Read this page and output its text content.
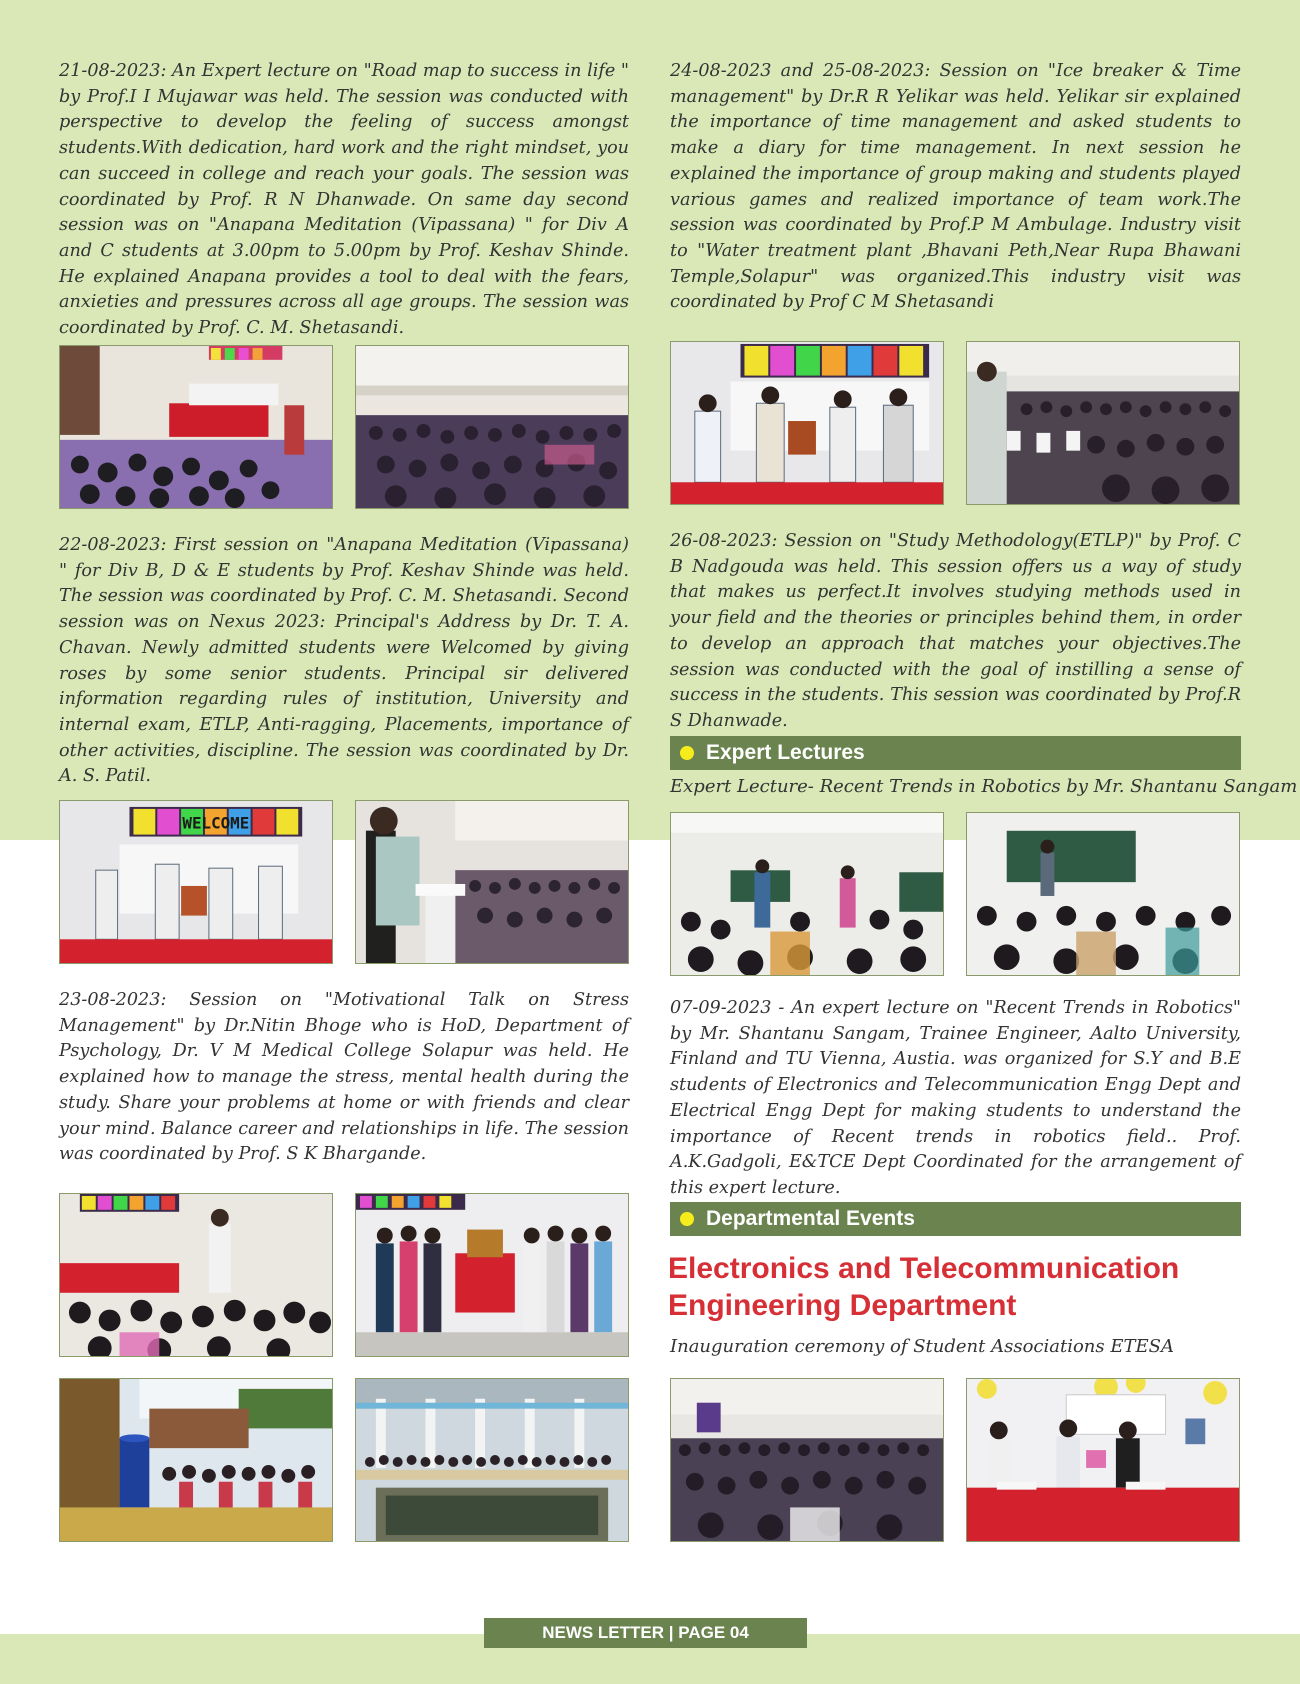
21-08-2023: An Expert lecture on "Road map to success in life " by Prof.I I Mujawar was held. The session was conducted with perspective to develop the feeling of success amongst students.With dedication, hard work and the right mindset, you can succeed in college and reach your goals. The session was coordinated by Prof. R N Dhanwade. On same day second session was on "Anapana Meditation (Vipassana) " for Div A and C students at 3.00pm to 5.00pm by Prof. Keshav Shinde. He explained Anapana provides a tool to deal with the fears, anxieties and pressures across all age groups. The session was coordinated by Prof. C. M. Shetasandi.

22-08-2023: First session on "Anapana Meditation (Vipassana) " for Div B, D & E students by Prof. Keshav Shinde was held. The session was coordinated by Prof. C. M. Shetasandi. Second session was on Nexus 2023: Principal's Address by Dr. T. A. Chavan. Newly admitted students were Welcomed by giving roses by some senior students. Principal sir delivered information regarding rules of institution, University and internal exam, ETLP, Anti-ragging, Placements, importance of other activities, discipline. The session was coordinated by Dr. A. S. Patil.

WELCOME

23-08-2023: Session on "Motivational Talk on Stress Management" by Dr.Nitin Bhoge who is HoD, Department of Psychology, Dr. V M Medical College Solapur was held. He explained how to manage the stress, mental health during the study. Share your problems at home or with friends and clear your mind. Balance career and relationships in life. The session was coordinated by Prof. S K Bhargande.

24-08-2023 and 25-08-2023: Session on "Ice breaker & Time management" by Dr.R R Yelikar was held. Yelikar sir explained the importance of time management and asked students to make a diary for time management. In next session he explained the importance of group making and students played various games and realized importance of team work.The session was coordinated by Prof.P M Ambulage. Industry visit to "Water treatment plant ,Bhavani Peth,Near Rupa Bhawani Temple,Solapur" was organized.This industry visit was coordinated by Prof C M Shetasandi

26-08-2023: Session on "Study Methodology(ETLP)" by Prof. C B Nadgouda was held. This session offers us a way of study that makes us perfect.It involves studying methods used in your field and the theories or principles behind them, in order to develop an approach that matches your objectives.The session was conducted with the goal of instilling a sense of success in the students. This session was coordinated by Prof.R S Dhanwade.

Expert Lectures

Expert Lecture- Recent Trends in Robotics by Mr. Shantanu Sangam

07-09-2023 - An expert lecture on "Recent Trends in Robotics" by Mr. Shantanu Sangam, Trainee Engineer, Aalto University, Finland and TU Vienna, Austia. was organized for S.Y and B.E students of Electronics and Telecommunication Engg Dept and Electrical Engg Dept for making students to understand the importance of Recent trends in robotics field.. Prof. A.K.Gadgoli, E&TCE Dept Coordinated for the arrangement of this expert lecture.

Departmental Events
Electronics and Telecommunication
Engineering Department

Inauguration ceremony of Student Associations ETESA

NEWS LETTER | PAGE 04
